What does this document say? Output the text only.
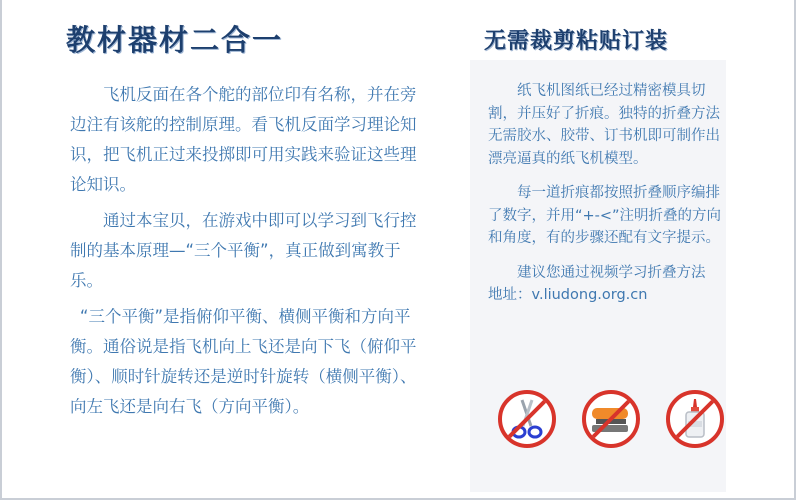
教材器材二合一

飞机反面在各个舵的部位印有名称，并在旁边注有该舵的控制原理。看飞机反面学习理论知识，把飞机正过来投掷即可用实践来验证这些理论知识。

通过本宝贝，在游戏中即可以学习到飞行控制的基本原理—“三个平衡”，真正做到寓教于乐。

“三个平衡”是指俯仰平衡、横侧平衡和方向平衡。通俗说是指飞机向上飞还是向下飞（俯仰平衡）、顺时针旋转还是逆时针旋转（横侧平衡）、向左飞还是向右飞（方向平衡）。

无需裁剪粘贴订装

纸飞机图纸已经过精密模具切割，并压好了折痕。独特的折叠方法无需胶水、胶带、订书机即可制作出漂亮逼真的纸飞机模型。

每一道折痕都按照折叠顺序编排了数字，并用“+-<”注明折叠的方向和角度，有的步骤还配有文字提示。

建议您通过视频学习折叠方法

地址：v.liudong.org.cn
